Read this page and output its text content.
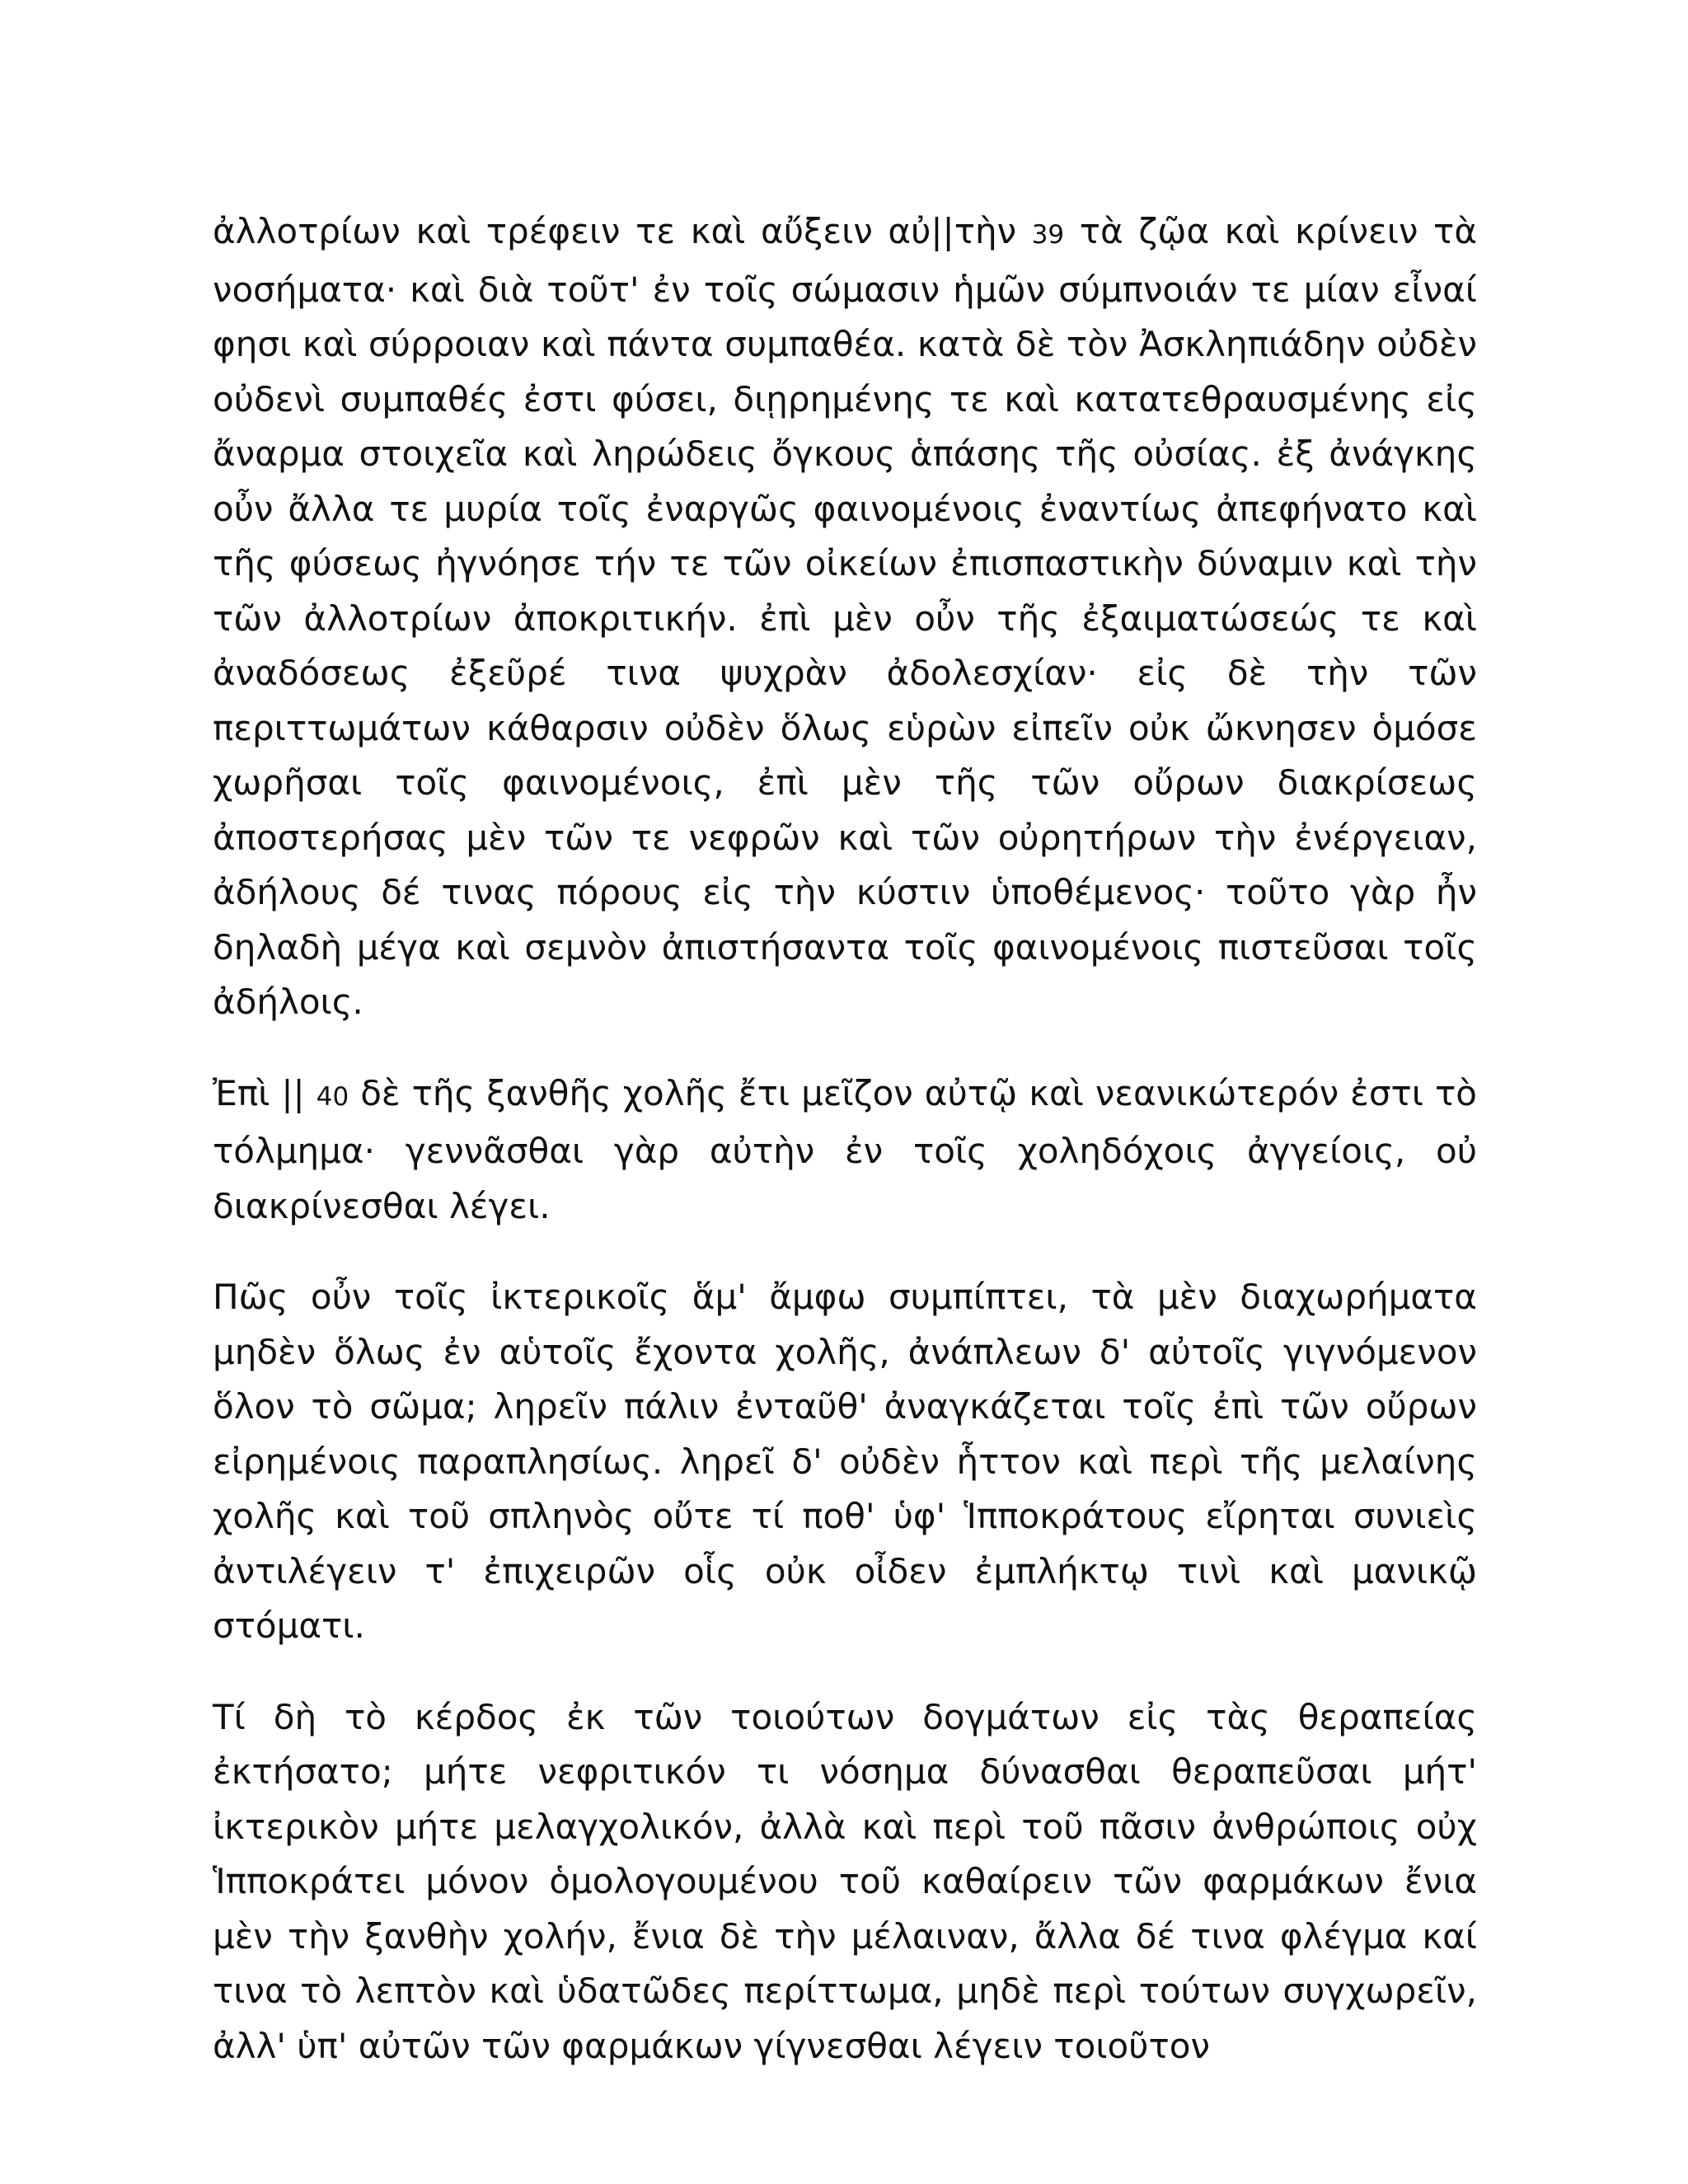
ἀλλοτρίων καὶ τρέφειν τε καὶ αὔξειν αὐ||τὴν 39 τὰ ζῷα καὶ κρίνειν τὰ νοσήματα· καὶ διὰ τοῦτ' ἐν τοῖς σώμασιν ἡμῶν σύμπνοιάν τε μίαν εἶναί φησι καὶ σύρροιαν καὶ πάντα συμπαθέα. κατὰ δὲ τὸν Ἀσκληπιάδην οὐδὲν οὐδενὶ συμπαθές ἐστι φύσει, διῃρημένης τε καὶ κατατεθραυσμένης εἰς ἄναρμα στοιχεῖα καὶ ληρώδεις ὄγκους ἁπάσης τῆς οὐσίας. ἐξ ἀνάγκης οὖν ἄλλα τε μυρία τοῖς ἐναργῶς φαινομένοις ἐναντίως ἀπεφήνατο καὶ τῆς φύσεως ἠγνόησε τήν τε τῶν οἰκείων ἐπισπαστικὴν δύναμιν καὶ τὴν τῶν ἀλλοτρίων ἀποκριτικήν. ἐπὶ μὲν οὖν τῆς ἐξαιματώσεώς τε καὶ ἀναδόσεως ἐξεῦρέ τινα ψυχρὰν ἀδολεσχίαν· εἰς δὲ τὴν τῶν περιττωμάτων κάθαρσιν οὐδὲν ὅλως εὑρὼν εἰπεῖν οὐκ ὤκνησεν ὁμόσε χωρῆσαι τοῖς φαινομένοις, ἐπὶ μὲν τῆς τῶν οὔρων διακρίσεως ἀποστερήσας μὲν τῶν τε νεφρῶν καὶ τῶν οὐρητήρων τὴν ἐνέργειαν, ἀδήλους δέ τινας πόρους εἰς τὴν κύστιν ὑποθέμενος· τοῦτο γὰρ ἦν δηλαδὴ μέγα καὶ σεμνὸν ἀπιστήσαντα τοῖς φαινομένοις πιστεῦσαι τοῖς ἀδήλοις.

Ἐπὶ || 40 δὲ τῆς ξανθῆς χολῆς ἔτι μεῖζον αὐτῷ καὶ νεανικώτερόν ἐστι τὸ τόλμημα· γεννᾶσθαι γὰρ αὐτὴν ἐν τοῖς χοληδόχοις ἀγγείοις, οὐ διακρίνεσθαι λέγει.

Πῶς οὖν τοῖς ἰκτερικοῖς ἅμ' ἄμφω συμπίπτει, τὰ μὲν διαχωρήματα μηδὲν ὅλως ἐν αὑτοῖς ἔχοντα χολῆς, ἀνάπλεων δ' αὐτοῖς γιγνόμενον ὅλον τὸ σῶμα; ληρεῖν πάλιν ἐνταῦθ' ἀναγκάζεται τοῖς ἐπὶ τῶν οὔρων εἰρημένοις παραπλησίως. ληρεῖ δ' οὐδὲν ἧττον καὶ περὶ τῆς μελαίνης χολῆς καὶ τοῦ σπληνὸς οὔτε τί ποθ' ὑφ' Ἱπποκράτους εἴρηται συνιεὶς ἀντιλέγειν τ' ἐπιχειρῶν οἷς οὐκ οἶδεν ἐμπλήκτῳ τινὶ καὶ μανικῷ στόματι.

Τί δὴ τὸ κέρδος ἐκ τῶν τοιούτων δογμάτων εἰς τὰς θεραπείας ἐκτήσατο; μήτε νεφριτικόν τι νόσημα δύνασθαι θεραπεῦσαι μήτ' ἰκτερικὸν μήτε μελαγχολικόν, ἀλλὰ καὶ περὶ τοῦ πᾶσιν ἀνθρώποις οὐχ Ἱπποκράτει μόνον ὁμολογουμένου τοῦ καθαίρειν τῶν φαρμάκων ἔνια μὲν τὴν ξανθὴν χολήν, ἔνια δὲ τὴν μέλαιναν, ἄλλα δέ τινα φλέγμα καί τινα τὸ λεπτὸν καὶ ὑδατῶδες περίττωμα, μηδὲ περὶ τούτων συγχωρεῖν, ἀλλ' ὑπ' αὐτῶν τῶν φαρμάκων γίγνεσθαι λέγειν τοιοῦτον
